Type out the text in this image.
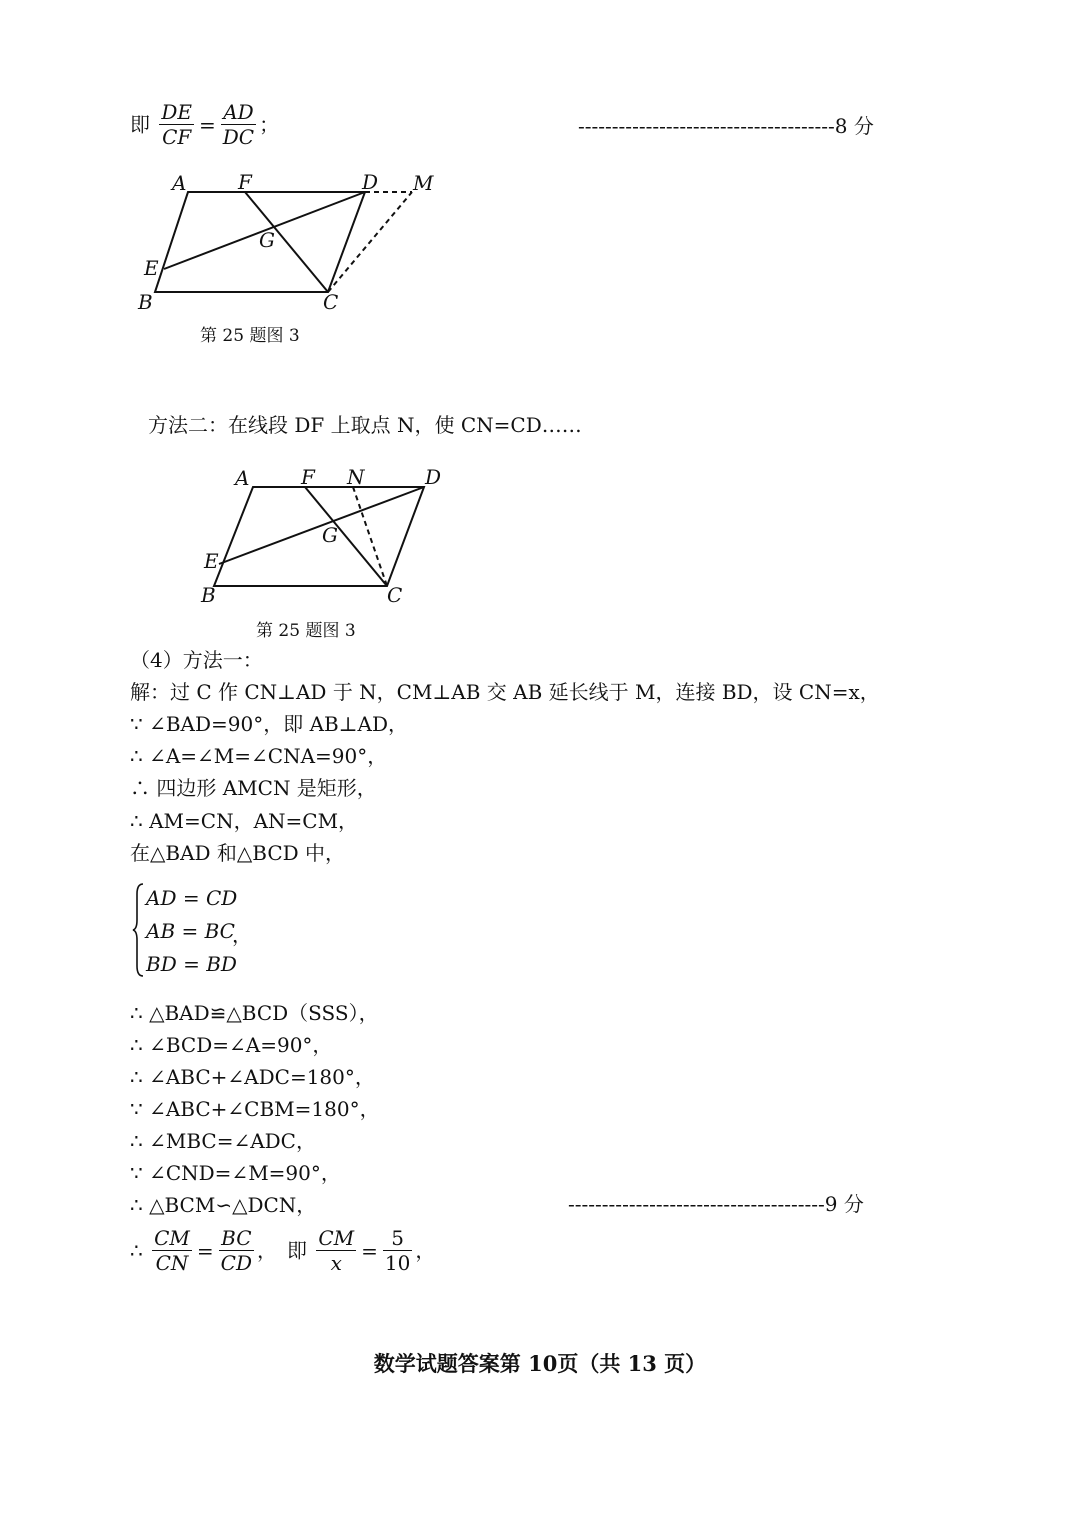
即 $\frac{DE}{CF} = \frac{AD}{DC}$ ；	--------------------------------------8 分
A	F	D M
G
E
B	C
第 25 题图 3
方法二：在线段 DF 上取点 N，使 CN=CD……
A	F N	D
G
E
B	C
第 25 题图 3
（4）方法一：
解：过 C 作 CN⊥AD 于 N，CM⊥AB 交 AB 延长线于 M，连接 BD，设 CN=x，
∵ ∠BAD=90°，即 AB⊥AD，
∴ ∠A=∠M=∠CNA=90°，
∴ 四边形 AMCN 是矩形，
∴ AM=CN，AN=CM，
在△BAD 和△BCD 中，
AD = CD
AB = BC
BD = BD
，
∴ △BAD≌△BCD（SSS），
∴ ∠BCD=∠A=90°，
∴ ∠ABC+∠ADC=180°，
∵ ∠ABC+∠CBM=180°，
∴ ∠MBC=∠ADC，
∵ ∠CND=∠M=90°，
∴ △BCM∽△DCN，	--------------------------------------9 分
∴ $\frac{CM}{CN} = \frac{BC}{CD}$ ，　即 $\frac{CM}{x} = \frac{5}{10}$ ，
数学试题答案第 10页（共 13 页）
